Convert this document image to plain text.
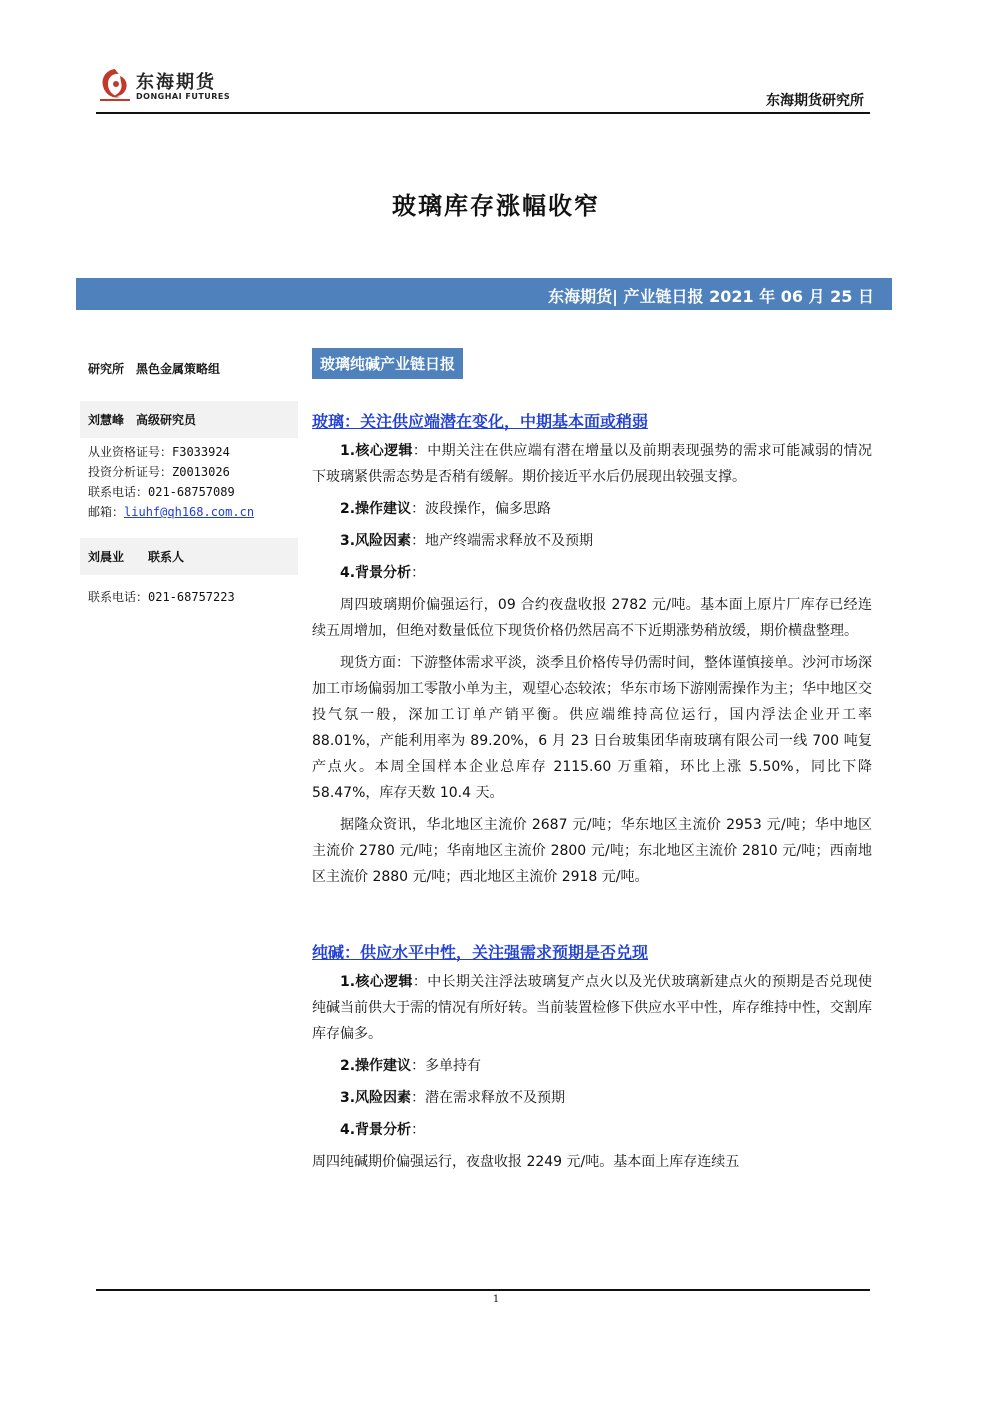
东海期货
DONGHAI FUTURES	东海期货研究所
玻璃库存涨幅收窄
东海期货| 产业链日报 2021 年 06 月 25 日
研究所　黑色金属策略组
刘慧峰　高级研究员
从业资格证号：F3033924
投资分析证号：Z0013026
联系电话：021-68757089
邮箱：liuhf@qh168.com.cn
刘晨业　　联系人
联系电话：021-68757223
玻璃纯碱产业链日报
玻璃：关注供应端潜在变化，中期基本面或稍弱

1.核心逻辑：中期关注在供应端有潜在增量以及前期表现强势的需求可能减弱的情况下玻璃紧供需态势是否稍有缓解。期价接近平水后仍展现出较强支撑。

2.操作建议：波段操作，偏多思路

3.风险因素：地产终端需求释放不及预期

4.背景分析：

周四玻璃期价偏强运行，09 合约夜盘收报 2782 元/吨。基本面上原片厂库存已经连续五周增加，但绝对数量低位下现货价格仍然居高不下近期涨势稍放缓，期价横盘整理。

现货方面：下游整体需求平淡，淡季且价格传导仍需时间，整体谨慎接单。沙河市场深加工市场偏弱加工零散小单为主，观望心态较浓；华东市场下游刚需操作为主；华中地区交投气氛一般，深加工订单产销平衡。供应端维持高位运行，国内浮法企业开工率 88.01%，产能利用率为 89.20%，6 月 23 日台玻集团华南玻璃有限公司一线 700 吨复产点火。本周全国样本企业总库存 2115.60 万重箱，环比上涨 5.50%，同比下降 58.47%，库存天数 10.4 天。

据隆众资讯，华北地区主流价 2687 元/吨；华东地区主流价 2953 元/吨；华中地区主流价 2780 元/吨；华南地区主流价 2800 元/吨；东北地区主流价 2810 元/吨；西南地区主流价 2880 元/吨；西北地区主流价 2918 元/吨。

纯碱：供应水平中性，关注强需求预期是否兑现

1.核心逻辑：中长期关注浮法玻璃复产点火以及光伏玻璃新建点火的预期是否兑现使纯碱当前供大于需的情况有所好转。当前装置检修下供应水平中性，库存维持中性，交割库库存偏多。

2.操作建议：多单持有

3.风险因素：潜在需求释放不及预期

4.背景分析：

周四纯碱期价偏强运行，夜盘收报 2249 元/吨。基本面上库存连续五

1
